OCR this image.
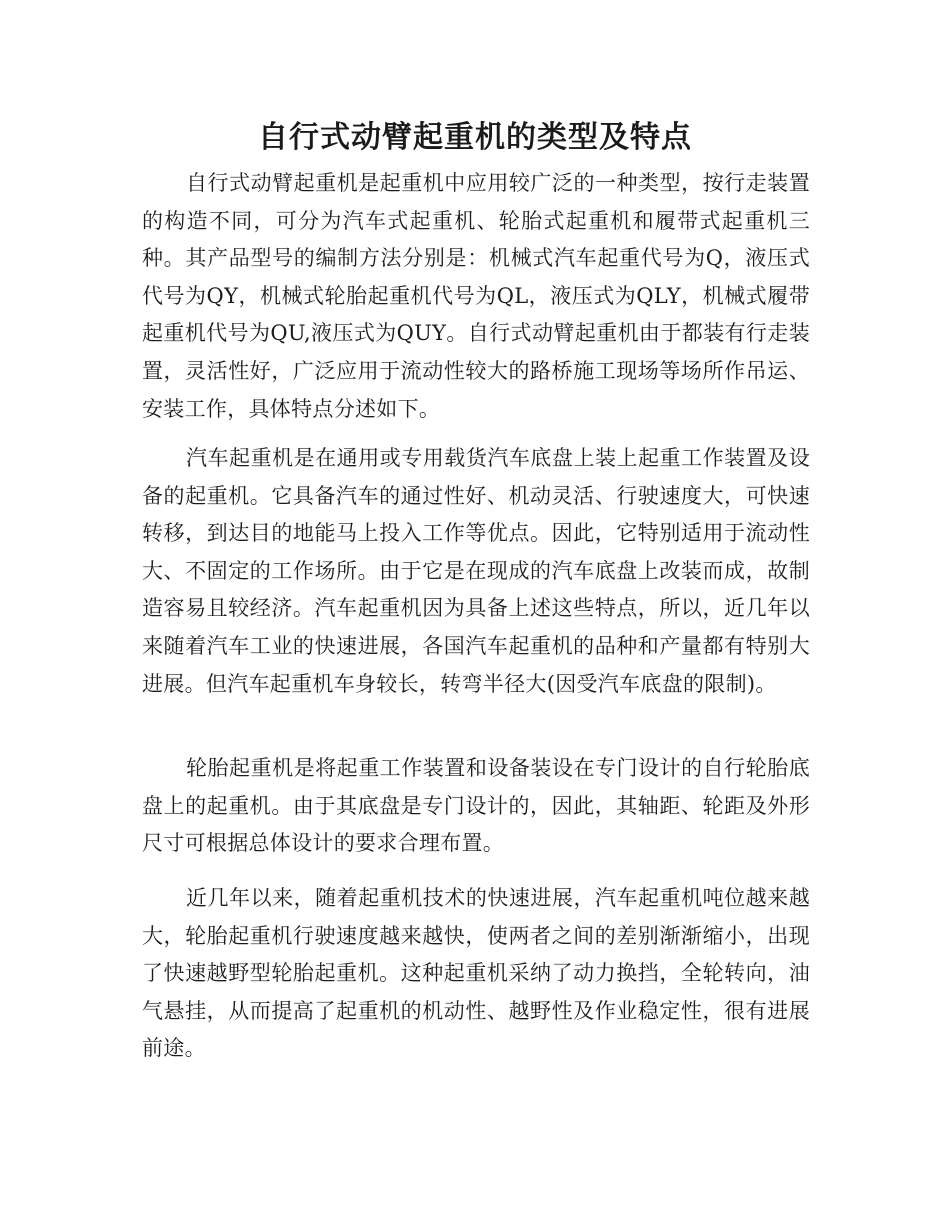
自行式动臂起重机的类型及特点

自行式动臂起重机是起重机中应用较广泛的一种类型，按行走装置的构造不同，可分为汽车式起重机、轮胎式起重机和履带式起重机三种。其产品型号的编制方法分别是：机械式汽车起重代号为Q，液压式代号为QY，机械式轮胎起重机代号为QL，液压式为QLY，机械式履带起重机代号为QU,液压式为QUY。自行式动臂起重机由于都装有行走装置，灵活性好，广泛应用于流动性较大的路桥施工现场等场所作吊运、安装工作，具体特点分述如下。

汽车起重机是在通用或专用载货汽车底盘上装上起重工作装置及设备的起重机。它具备汽车的通过性好、机动灵活、行驶速度大，可快速转移，到达目的地能马上投入工作等优点。因此，它特别适用于流动性大、不固定的工作场所。由于它是在现成的汽车底盘上改装而成，故制造容易且较经济。汽车起重机因为具备上述这些特点，所以，近几年以来随着汽车工业的快速进展，各国汽车起重机的品种和产量都有特别大进展。但汽车起重机车身较长，转弯半径大(因受汽车底盘的限制)。

轮胎起重机是将起重工作装置和设备装设在专门设计的自行轮胎底盘上的起重机。由于其底盘是专门设计的，因此，其轴距、轮距及外形尺寸可根据总体设计的要求合理布置。

近几年以来，随着起重机技术的快速进展，汽车起重机吨位越来越大，轮胎起重机行驶速度越来越快，使两者之间的差别渐渐缩小，出现了快速越野型轮胎起重机。这种起重机采纳了动力换挡，全轮转向，油气悬挂，从而提高了起重机的机动性、越野性及作业稳定性，很有进展前途。
